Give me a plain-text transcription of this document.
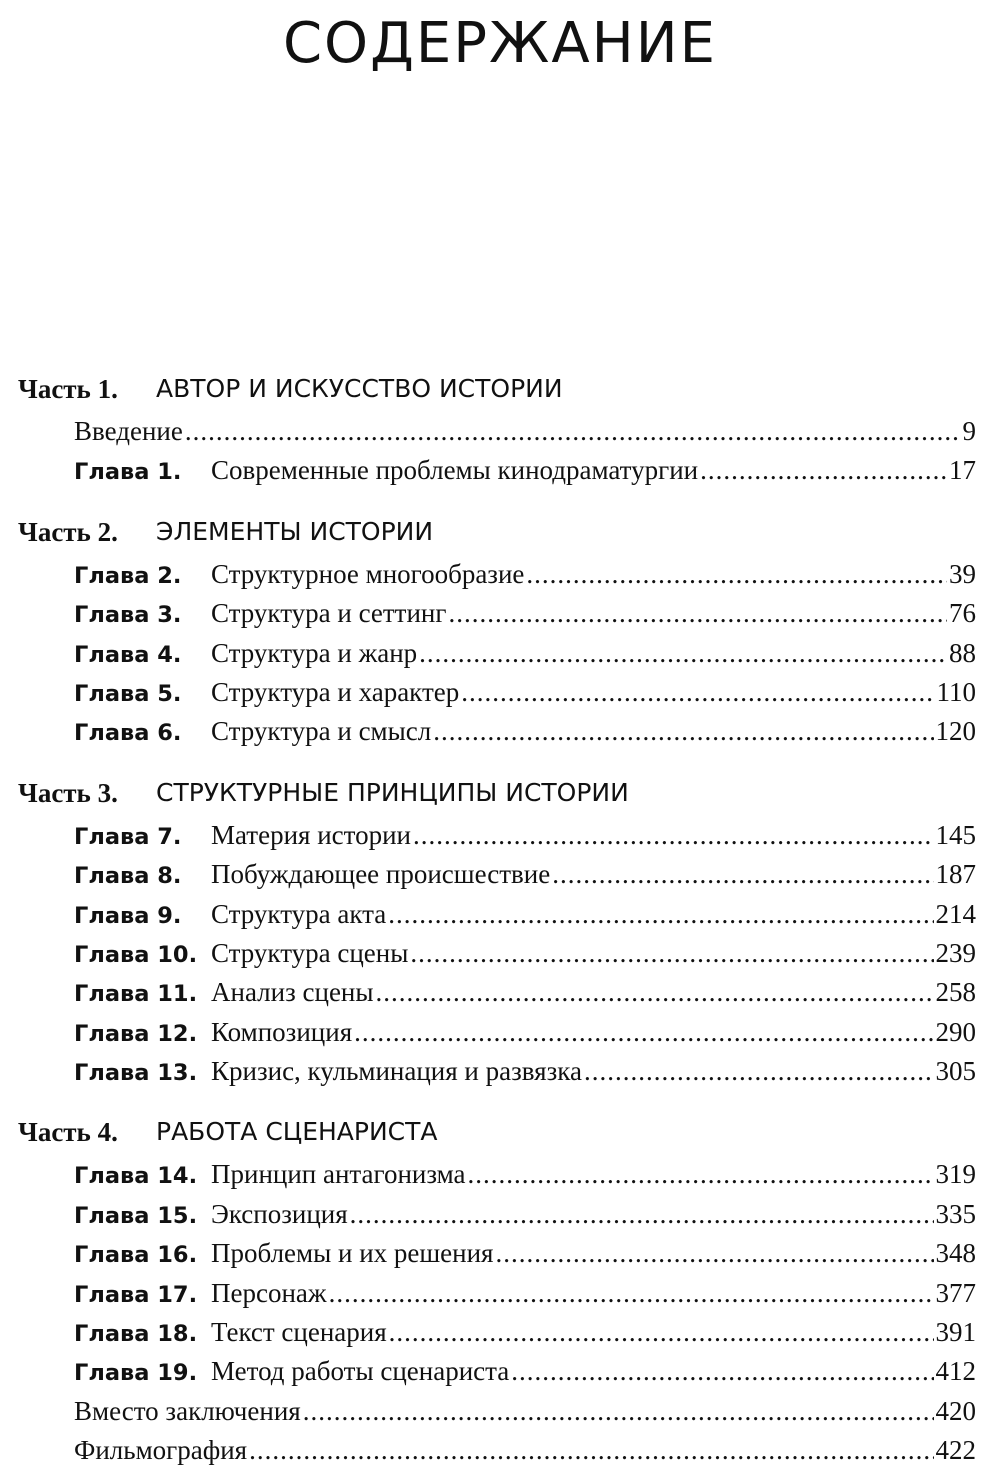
СОДЕРЖАНИЕ
Часть 1. АВТОР И ИСКУССТВО ИСТОРИИ
Введение .....	9
Глава 1.	Современные проблемы кинодраматургии .....	17
Часть 2. ЭЛЕМЕНТЫ ИСТОРИИ
Глава 2.	Структурное многообразие .....	39
Глава 3.	Структура и сеттинг .....	76
Глава 4.	Структура и жанр .....	88
Глава 5.	Структура и характер .....	110
Глава 6.	Структура и смысл .....	120
Часть 3. СТРУКТУРНЫЕ ПРИНЦИПЫ ИСТОРИИ
Глава 7.	Материя истории .....	145
Глава 8.	Побуждающее происшествие .....	187
Глава 9.	Структура акта .....	214
Глава 10. Структура сцены .....	239
Глава 11. Анализ сцены .....	258
Глава 12. Композиция .....	290
Глава 13. Кризис, кульминация и развязка .....	305
Часть 4. РАБОТА СЦЕНАРИСТА
Глава 14. Принцип антагонизма .....	319
Глава 15. Экспозиция .....	335
Глава 16. Проблемы и их решения .....	348
Глава 17. Персонаж .....	377
Глава 18. Текст сценария .....	391
Глава 19. Метод работы сценариста .....	412
Вместо заключения .....	420
Фильмография .....	422
